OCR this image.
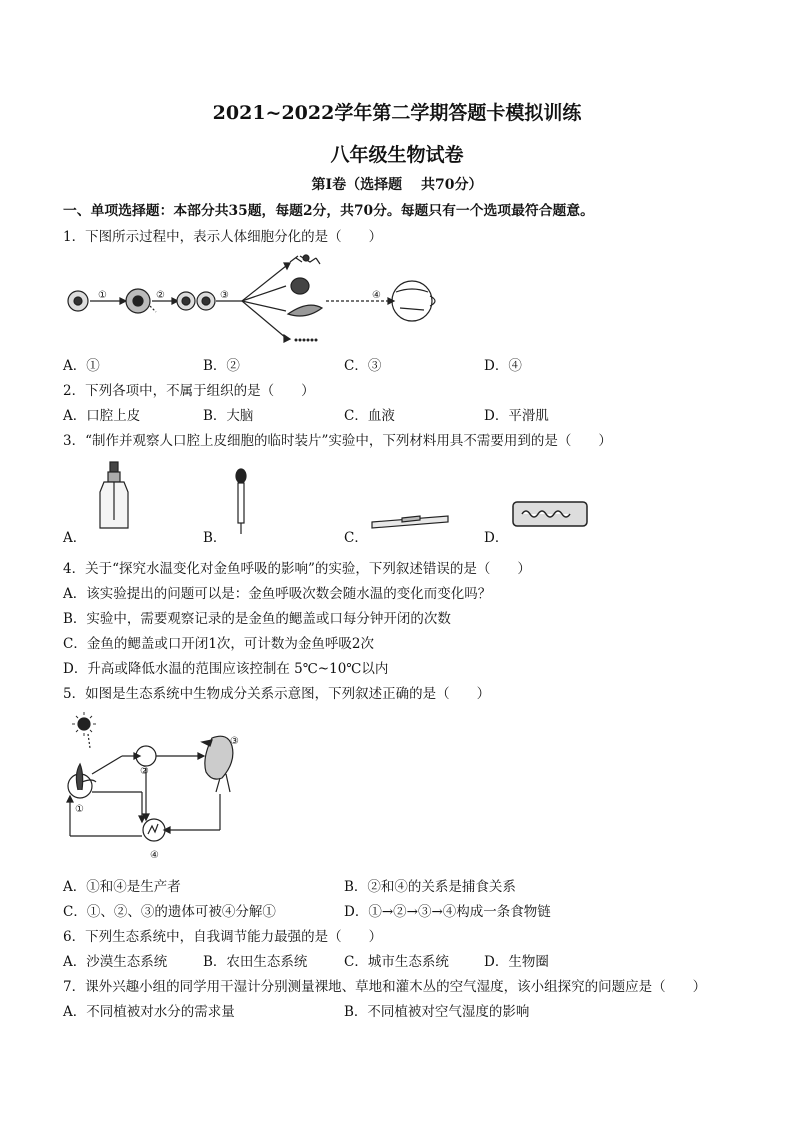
2021~2022学年第二学期答题卡模拟训练
八年级生物试卷
第Ⅰ卷（选择题　 共70分）
一、单项选择题：本部分共35题，每题2分，共70分。每题只有一个选项最符合题意。
1．下图所示过程中，表示人体细胞分化的是（　　）
①	②	③	④
A．①	B．②	C．③	D．④
2．下列各项中，不属于组织的是（　　）
A．口腔上皮	B．大脑	C．血液	D．平滑肌
3．“制作并观察人口腔上皮细胞的临时装片”实验中，下列材料用具不需要用到的是（　　）
A．	B．	C．	D．
4．关于“探究水温变化对金鱼呼吸的影响”的实验，下列叙述错误的是（　　）
A．该实验提出的问题可以是：金鱼呼吸次数会随水温的变化而变化吗？
B．实验中，需要观察记录的是金鱼的鳃盖或口每分钟开闭的次数
C．金鱼的鳃盖或口开闭1次，可计数为金鱼呼吸2次
D．升高或降低水温的范围应该控制在 5℃~10℃以内
5．如图是生态系统中生物成分关系示意图，下列叙述正确的是（　　）
①
②
③
④
A．①和④是生产者	B．②和④的关系是捕食关系
C．①、②、③的遗体可被④分解①	D．①→②→③→④构成一条食物链
6．下列生态系统中，自我调节能力最强的是（　　）
A．沙漠生态系统	B．农田生态系统	C．城市生态系统	D．生物圈
7．课外兴趣小组的同学用干湿计分别测量裸地、草地和灌木丛的空气湿度，该小组探究的问题应是（　　）
A．不同植被对水分的需求量	B．不同植被对空气湿度的影响
